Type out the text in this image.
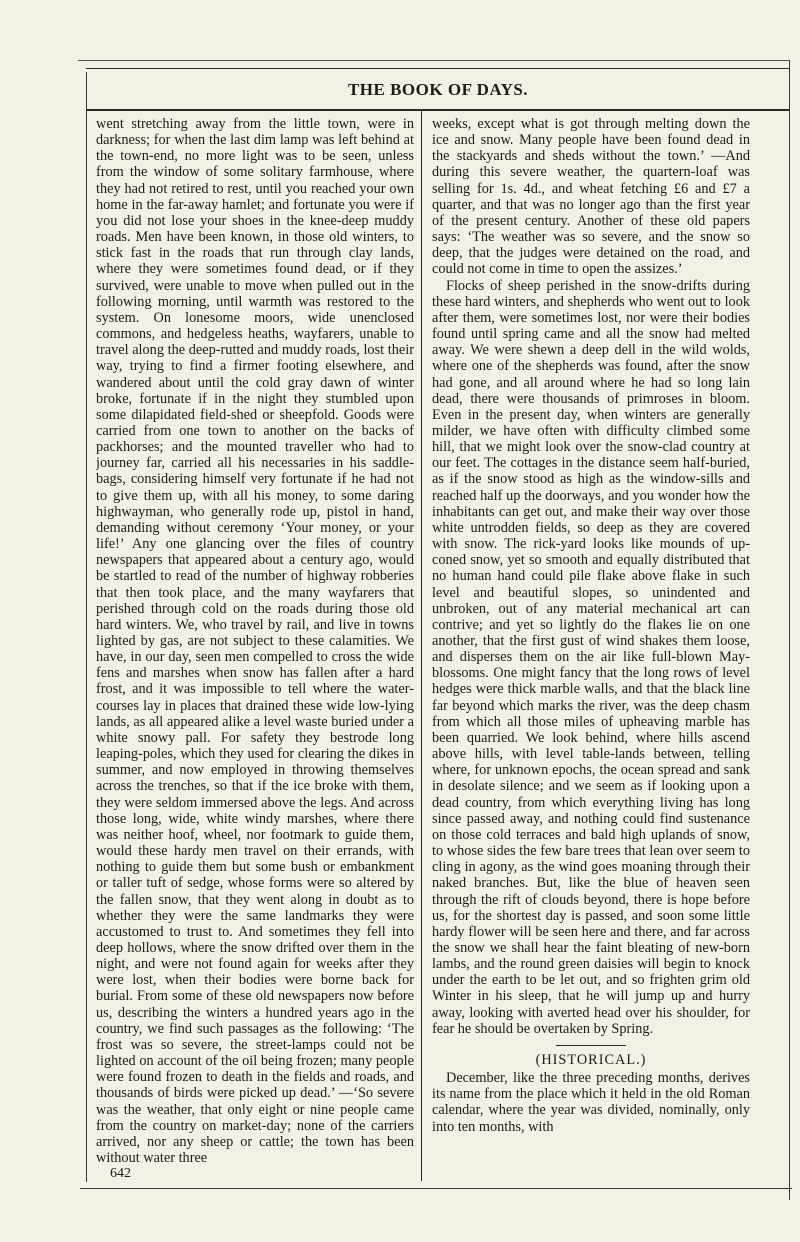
THE BOOK OF DAYS.

went stretching away from the little town, were in darkness; for when the last dim lamp was left behind at the town-end, no more light was to be seen, unless from the window of some solitary farmhouse, where they had not retired to rest, until you reached your own home in the far-away hamlet; and fortunate you were if you did not lose your shoes in the knee-deep muddy roads. Men have been known, in those old winters, to stick fast in the roads that run through clay lands, where they were sometimes found dead, or if they survived, were unable to move when pulled out in the following morning, until warmth was restored to the system. On lonesome moors, wide unenclosed commons, and hedgeless heaths, wayfarers, unable to travel along the deep-rutted and muddy roads, lost their way, trying to find a firmer footing elsewhere, and wandered about until the cold gray dawn of winter broke, fortunate if in the night they stumbled upon some dilapidated field-shed or sheepfold. Goods were carried from one town to another on the backs of packhorses; and the mounted traveller who had to journey far, carried all his necessaries in his saddle-bags, considering himself very fortunate if he had not to give them up, with all his money, to some daring highwayman, who generally rode up, pistol in hand, demanding without ceremony ‘Your money, or your life!’ Any one glancing over the files of country newspapers that appeared about a century ago, would be startled to read of the number of highway robberies that then took place, and the many wayfarers that perished through cold on the roads during those old hard winters. We, who travel by rail, and live in towns lighted by gas, are not subject to these calamities. We have, in our day, seen men compelled to cross the wide fens and marshes when snow has fallen after a hard frost, and it was impossible to tell where the water-courses lay in places that drained these wide low-lying lands, as all appeared alike a level waste buried under a white snowy pall. For safety they bestrode long leaping-poles, which they used for clearing the dikes in summer, and now employed in throwing themselves across the trenches, so that if the ice broke with them, they were seldom immersed above the legs. And across those long, wide, white windy marshes, where there was neither hoof, wheel, nor footmark to guide them, would these hardy men travel on their errands, with nothing to guide them but some bush or embankment or taller tuft of sedge, whose forms were so altered by the fallen snow, that they went along in doubt as to whether they were the same landmarks they were accustomed to trust to. And sometimes they fell into deep hollows, where the snow drifted over them in the night, and were not found again for weeks after they were lost, when their bodies were borne back for burial. From some of these old newspapers now before us, describing the winters a hundred years ago in the country, we find such passages as the following: ‘The frost was so severe, the street-lamps could not be lighted on account of the oil being frozen; many people were found frozen to death in the fields and roads, and thousands of birds were picked up dead.’ —‘So severe was the weather, that only eight or nine people came from the country on market-day; none of the carriers arrived, nor any sheep or cattle; the town has been without water three

642

weeks, except what is got through melting down the ice and snow. Many people have been found dead in the stackyards and sheds without the town.’ —And during this severe weather, the quartern-loaf was selling for 1s. 4d., and wheat fetching £6 and £7 a quarter, and that was no longer ago than the first year of the present century. Another of these old papers says: ‘The weather was so severe, and the snow so deep, that the judges were detained on the road, and could not come in time to open the assizes.’

Flocks of sheep perished in the snow-drifts during these hard winters, and shepherds who went out to look after them, were sometimes lost, nor were their bodies found until spring came and all the snow had melted away. We were shewn a deep dell in the wild wolds, where one of the shepherds was found, after the snow had gone, and all around where he had so long lain dead, there were thousands of primroses in bloom. Even in the present day, when winters are generally milder, we have often with difficulty climbed some hill, that we might look over the snow-clad country at our feet. The cottages in the distance seem half-buried, as if the snow stood as high as the window-sills and reached half up the doorways, and you wonder how the inhabitants can get out, and make their way over those white untrodden fields, so deep as they are covered with snow. The rick-yard looks like mounds of up-coned snow, yet so smooth and equally distributed that no human hand could pile flake above flake in such level and beautiful slopes, so unindented and unbroken, out of any material mechanical art can contrive; and yet so lightly do the flakes lie on one another, that the first gust of wind shakes them loose, and disperses them on the air like full-blown May-blossoms. One might fancy that the long rows of level hedges were thick marble walls, and that the black line far beyond which marks the river, was the deep chasm from which all those miles of upheaving marble has been quarried. We look behind, where hills ascend above hills, with level table-lands between, telling where, for unknown epochs, the ocean spread and sank in desolate silence; and we seem as if looking upon a dead country, from which everything living has long since passed away, and nothing could find sustenance on those cold terraces and bald high uplands of snow, to whose sides the few bare trees that lean over seem to cling in agony, as the wind goes moaning through their naked branches. But, like the blue of heaven seen through the rift of clouds beyond, there is hope before us, for the shortest day is passed, and soon some little hardy flower will be seen here and there, and far across the snow we shall hear the faint bleating of new-born lambs, and the round green daisies will begin to knock under the earth to be let out, and so frighten grim old Winter in his sleep, that he will jump up and hurry away, looking with averted head over his shoulder, for fear he should be overtaken by Spring.

(HISTORICAL.)

December, like the three preceding months, derives its name from the place which it held in the old Roman calendar, where the year was divided, nominally, only into ten months, with
